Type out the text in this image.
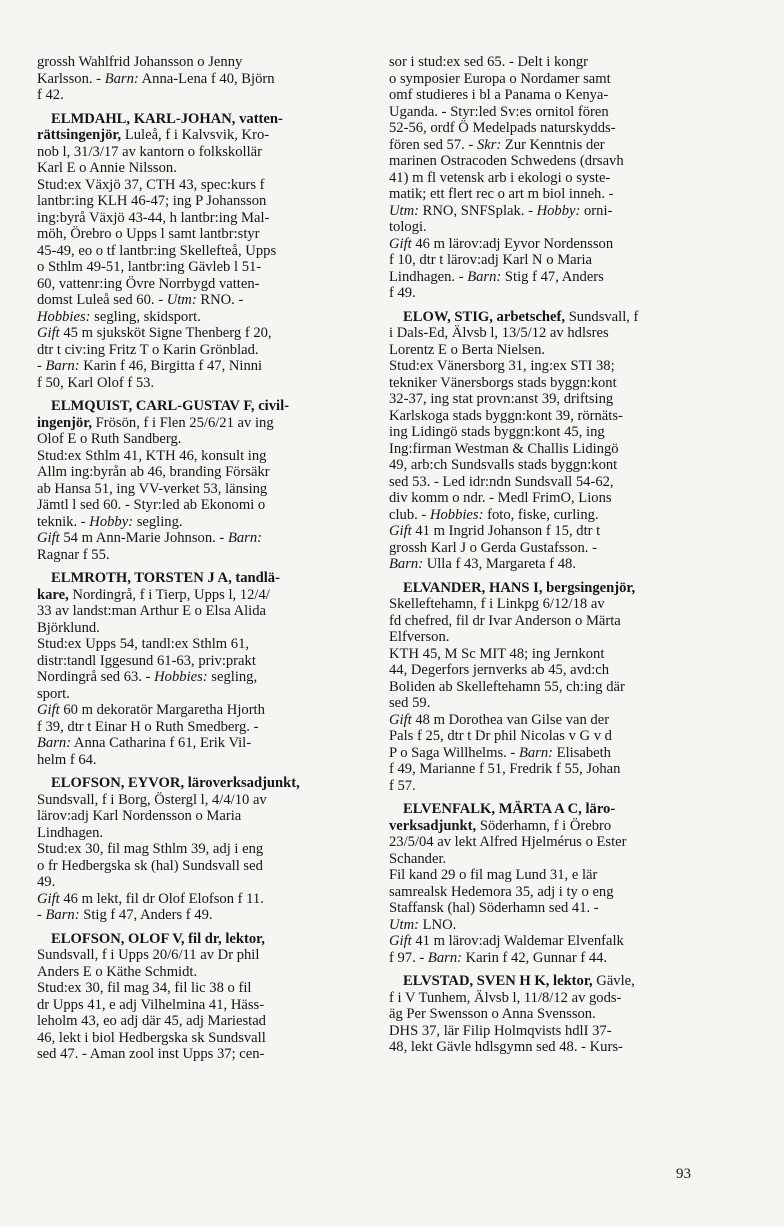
grossh Wahlfrid Johansson o Jenny
Karlsson. - Barn: Anna-Lena f 40, Björn
f 42.
ELMDAHL, KARL-JOHAN, vatten-
rättsingenjör, Luleå, f i Kalvsvik, Kro-
nob l, 31/3/17 av kantorn o folkskollär
Karl E o Annie Nilsson.
Stud:ex Växjö 37, CTH 43, spec:kurs f
lantbr:ing KLH 46-47; ing P Johansson
ing:byrå Växjö 43-44, h lantbr:ing Mal-
möh, Örebro o Upps l samt lantbr:styr
45-49, eo o tf lantbr:ing Skellefteå, Upps
o Sthlm 49-51, lantbr:ing Gävleb l 51-
60, vattenr:ing Övre Norrbygd vatten-
domst Luleå sed 60. - Utm: RNO. -
Hobbies: segling, skidsport.
Gift 45 m sjuksköt Signe Thenberg f 20,
dtr t civ:ing Fritz T o Karin Grönblad.
- Barn: Karin f 46, Birgitta f 47, Ninni
f 50, Karl Olof f 53.
ELMQUIST, CARL-GUSTAV F, civil-
ingenjör, Frösön, f i Flen 25/6/21 av ing
Olof E o Ruth Sandberg.
Stud:ex Sthlm 41, KTH 46, konsult ing
Allm ing:byrån ab 46, branding Försäkr
ab Hansa 51, ing VV-verket 53, länsing
Jämtl l sed 60. - Styr:led ab Ekonomi o
teknik. - Hobby: segling.
Gift 54 m Ann-Marie Johnson. - Barn:
Ragnar f 55.
ELMROTH, TORSTEN J A, tandlä-
kare, Nordingrå, f i Tierp, Upps l, 12/4/
33 av landst:man Arthur E o Elsa Alida
Björklund.
Stud:ex Upps 54, tandl:ex Sthlm 61,
distr:tandl Iggesund 61-63, priv:prakt
Nordingrå sed 63. - Hobbies: segling,
sport.
Gift 60 m dekoratör Margaretha Hjorth
f 39, dtr t Einar H o Ruth Smedberg. -
Barn: Anna Catharina f 61, Erik Vil-
helm f 64.
ELOFSON, EYVOR, läroverksadjunkt,
Sundsvall, f i Borg, Östergl l, 4/4/10 av
lärov:adj Karl Nordensson o Maria
Lindhagen.
Stud:ex 30, fil mag Sthlm 39, adj i eng
o fr Hedbergska sk (hal) Sundsvall sed
49.
Gift 46 m lekt, fil dr Olof Elofson f 11.
- Barn: Stig f 47, Anders f 49.
ELOFSON, OLOF V, fil dr, lektor,
Sundsvall, f i Upps 20/6/11 av Dr phil
Anders E o Käthe Schmidt.
Stud:ex 30, fil mag 34, fil lic 38 o fil
dr Upps 41, e adj Vilhelmina 41, Häss-
leholm 43, eo adj där 45, adj Mariestad
46, lekt i biol Hedbergska sk Sundsvall
sed 47. - Aman zool inst Upps 37; cen-
sor i stud:ex sed 65. - Delt i kongr
o symposier Europa o Nordamer samt
omf studieres i bl a Panama o Kenya-
Uganda. - Styr:led Sv:es ornitol fören
52-56, ordf Ö Medelpads naturskydds-
fören sed 57. - Skr: Zur Kenntnis der
marinen Ostracoden Schwedens (drsavh
41) m fl vetensk arb i ekologi o syste-
matik; ett flert rec o art m biol inneh. -
Utm: RNO, SNFSplak. - Hobby: orni-
tologi.
Gift 46 m lärov:adj Eyvor Nordensson
f 10, dtr t lärov:adj Karl N o Maria
Lindhagen. - Barn: Stig f 47, Anders
f 49.
ELOW, STIG, arbetschef, Sundsvall, f
i Dals-Ed, Älvsb l, 13/5/12 av hdlsres
Lorentz E o Berta Nielsen.
Stud:ex Vänersborg 31, ing:ex STI 38;
tekniker Vänersborgs stads byggn:kont
32-37, ing stat provn:anst 39, driftsing
Karlskoga stads byggn:kont 39, rörnäts-
ing Lidingö stads byggn:kont 45, ing
Ing:firman Westman & Challis Lidingö
49, arb:ch Sundsvalls stads byggn:kont
sed 53. - Led idr:ndn Sundsvall 54-62,
div komm o ndr. - Medl FrimO, Lions
club. - Hobbies: foto, fiske, curling.
Gift 41 m Ingrid Johanson f 15, dtr t
grossh Karl J o Gerda Gustafsson. -
Barn: Ulla f 43, Margareta f 48.
ELVANDER, HANS I, bergsingenjör,
Skelleftehamn, f i Linkpg 6/12/18 av
fd chefred, fil dr Ivar Anderson o Märta
Elfverson.
KTH 45, M Sc MIT 48; ing Jernkont
44, Degerfors jernverks ab 45, avd:ch
Boliden ab Skelleftehamn 55, ch:ing där
sed 59.
Gift 48 m Dorothea van Gilse van der
Pals f 25, dtr t Dr phil Nicolas v G v d
P o Saga Willhelms. - Barn: Elisabeth
f 49, Marianne f 51, Fredrik f 55, Johan
f 57.
ELVENFALK, MÄRTA A C, läro-
verksadjunkt, Söderhamn, f i Örebro
23/5/04 av lekt Alfred Hjelmérus o Ester
Schander.
Fil kand 29 o fil mag Lund 31, e lär
samrealsk Hedemora 35, adj i ty o eng
Staffansk (hal) Söderhamn sed 41. -
Utm: LNO.
Gift 41 m lärov:adj Waldemar Elvenfalk
f 97. - Barn: Karin f 42, Gunnar f 44.
ELVSTAD, SVEN H K, lektor, Gävle,
f i V Tunhem, Älvsb l, 11/8/12 av gods-
äg Per Swensson o Anna Svensson.
DHS 37, lär Filip Holmqvists hdlI 37-
48, lekt Gävle hdlsgymn sed 48. - Kurs-
93
